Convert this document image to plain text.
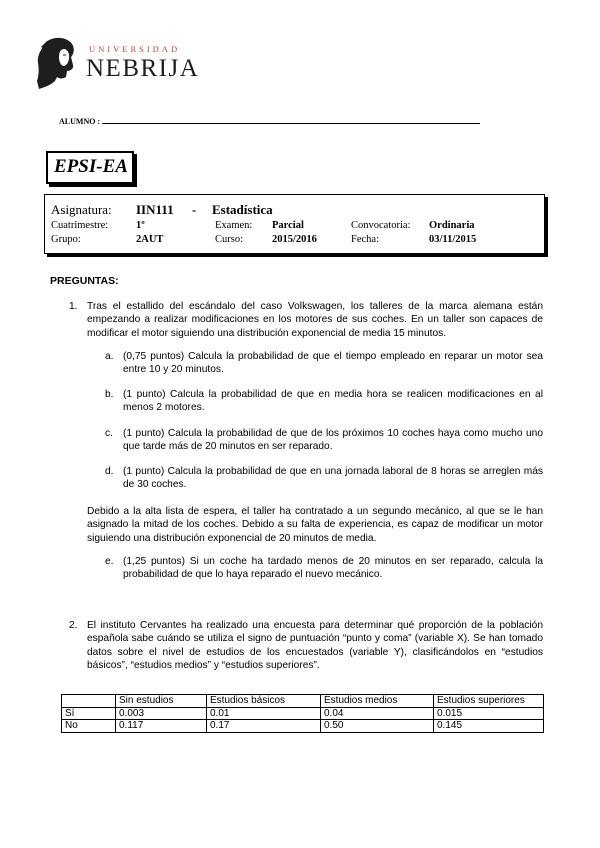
UNIVERSIDAD
NEBRIJA
ALUMNO :
EPSI-EA
Asignatura: IIN111 - Estadística
Cuatrimestre:	1º	Examen: Parcial	Convocatoria: Ordinaria
Grupo:	2AUT	Curso:	2015/2016	Fecha:	03/11/2015
PREGUNTAS:
1. Tras el estallido del escándalo del caso Volkswagen, los talleres de la marca alemana están empezando a realizar modificaciones en los motores de sus coches. En un taller son capaces de modificar el motor siguiendo una distribución exponencial de media 15 minutos.
a. (0,75 puntos) Calcula la probabilidad de que el tiempo empleado en reparar un motor sea entre 10 y 20 minutos.
b. (1 punto) Calcula la probabilidad de que en media hora se realicen modificaciones en al menos 2 motores.
c. (1 punto) Calcula la probabilidad de que de los próximos 10 coches haya como mucho uno que tarde más de 20 minutos en ser reparado.
d. (1 punto) Calcula la probabilidad de que en una jornada laboral de 8 horas se arreglen más de 30 coches.
Debido a la alta lista de espera, el taller ha contratado a un segundo mecánico, al que se le han asignado la mitad de los coches. Debido a su falta de experiencia, es capaz de modificar un motor siguiendo una distribución exponencial de 20 minutos de media.
e. (1,25 puntos) Si un coche ha tardado menos de 20 minutos en ser reparado, calcula la probabilidad de que lo haya reparado el nuevo mecánico.
2. El instituto Cervantes ha realizado una encuesta para determinar qué proporción de la población española sabe cuándo se utiliza el signo de puntuación “punto y coma” (variable X). Se han tomado datos sobre el nivel de estudios de los encuestados (variable Y), clasificándolos en “estudios básicos”, “estudios medios” y “estudios superiores”.
	Sin estudios	Estudios básicos	Estudios medios	Estudios superiores
Sí	0.003	0.01	0.04	0.015
No	0.117	0.17	0.50	0.145
